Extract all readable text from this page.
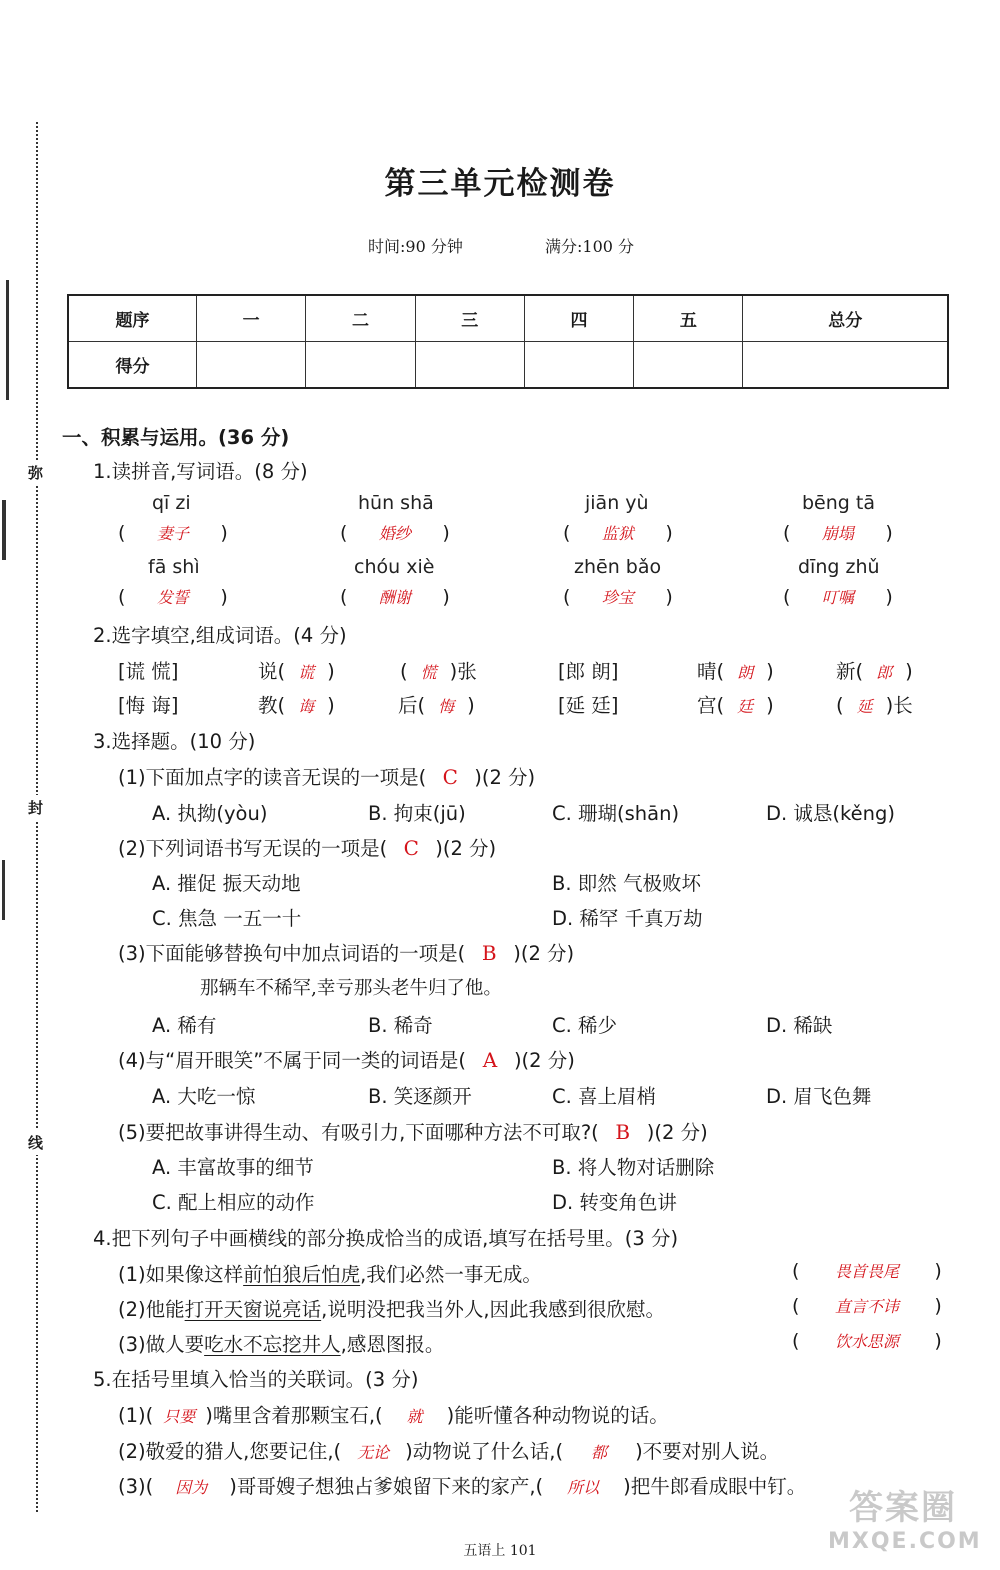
弥
封
线
第三单元检测卷
时间:90 分钟	满分:100 分
题序	一	二	三	四	五	总分
得分						
一、积累与运用。(36 分)
1.读拼音,写词语。(8 分)
qī zi	hūn shā	jiān yù	bēng tā
( 妻子 )	( 婚纱 )	( 监狱 )	( 崩塌 )
fā shì	chóu xiè	zhēn bǎo	dīng zhǔ
( 发誓 )	( 酬谢 )	( 珍宝 )	( 叮嘱 )
2.选字填空,组成词语。(4 分)
[谎 慌]	说( 谎 )	( 慌 )张	[郎 朗]	晴( 朗 )	新( 郎 )
[悔 诲]	教( 诲 )	后( 悔 )	[延 廷]	宫( 廷 )	( 延 )长
3.选择题。(10 分)
(1)下面加点字的读音无误的一项是( C )(2 分)
A. 执拗(yòu)	B. 拘束(jū)	C. 珊瑚(shān)	D. 诚恳(kěng)
(2)下列词语书写无误的一项是( C )(2 分)
A. 摧促 振天动地	B. 即然 气极败坏
C. 焦急 一五一十	D. 稀罕 千真万劫
(3)下面能够替换句中加点词语的一项是( B )(2 分)
那辆车不稀罕,幸亏那头老牛归了他。
A. 稀有	B. 稀奇	C. 稀少	D. 稀缺
(4)与“眉开眼笑”不属于同一类的词语是( A )(2 分)
A. 大吃一惊	B. 笑逐颜开	C. 喜上眉梢	D. 眉飞色舞
(5)要把故事讲得生动、有吸引力,下面哪种方法不可取?( B )(2 分)
A. 丰富故事的细节	B. 将人物对话删除
C. 配上相应的动作	D. 转变角色讲
4.把下列句子中画横线的部分换成恰当的成语,填写在括号里。(3 分)
(1)如果像这样前怕狼后怕虎,我们必然一事无成。	( 畏首畏尾 )
(2)他能打开天窗说亮话,说明没把我当外人,因此我感到很欣慰。	( 直言不讳 )
(3)做人要吃水不忘挖井人,感恩图报。	( 饮水思源 )
5.在括号里填入恰当的关联词。(3 分)
(1)( 只要 )嘴里含着那颗宝石,( 就 )能听懂各种动物说的话。
(2)敬爱的猎人,您要记住,( 无论 )动物说了什么话,( 都 )不要对别人说。
(3)( 因为 )哥哥嫂子想独占爹娘留下来的家产,( 所以 )把牛郎看成眼中钉。
五语上 101
答案圈
MXQE.COM
